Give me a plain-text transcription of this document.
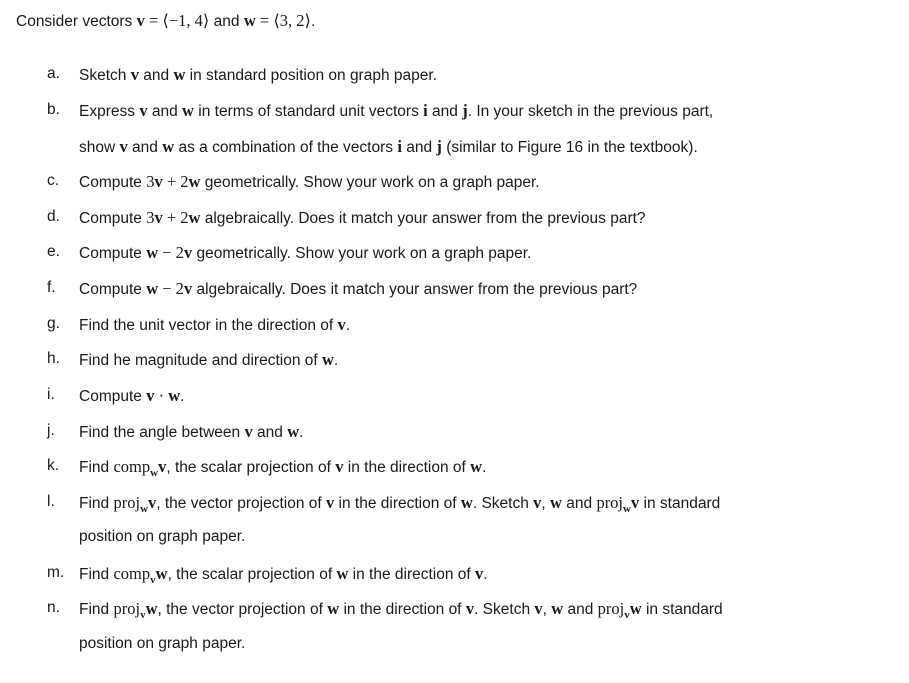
Consider vectors v = ⟨−1, 4⟩ and w = ⟨3, 2⟩.
a. Sketch v and w in standard position on graph paper.
b. Express v and w in terms of standard unit vectors i and j. In your sketch in the previous part,
show v and w as a combination of the vectors i and j (similar to Figure 16 in the textbook).
c. Compute 3v + 2w geometrically. Show your work on a graph paper.
d. Compute 3v + 2w algebraically. Does it match your answer from the previous part?
e. Compute w − 2v geometrically. Show your work on a graph paper.
f. Compute w − 2v algebraically. Does it match your answer from the previous part?
g. Find the unit vector in the direction of v.
h. Find he magnitude and direction of w.
i. Compute v · w.
j. Find the angle between v and w.
k. Find comp$_w$v, the scalar projection of v in the direction of w.
l. Find proj$_w$v, the vector projection of v in the direction of w. Sketch v, w and proj$_w$v in standard
position on graph paper.
m. Find comp$_v$w, the scalar projection of w in the direction of v.
n. Find proj$_v$w, the vector projection of w in the direction of v. Sketch v, w and proj$_v$w in standard
position on graph paper.
